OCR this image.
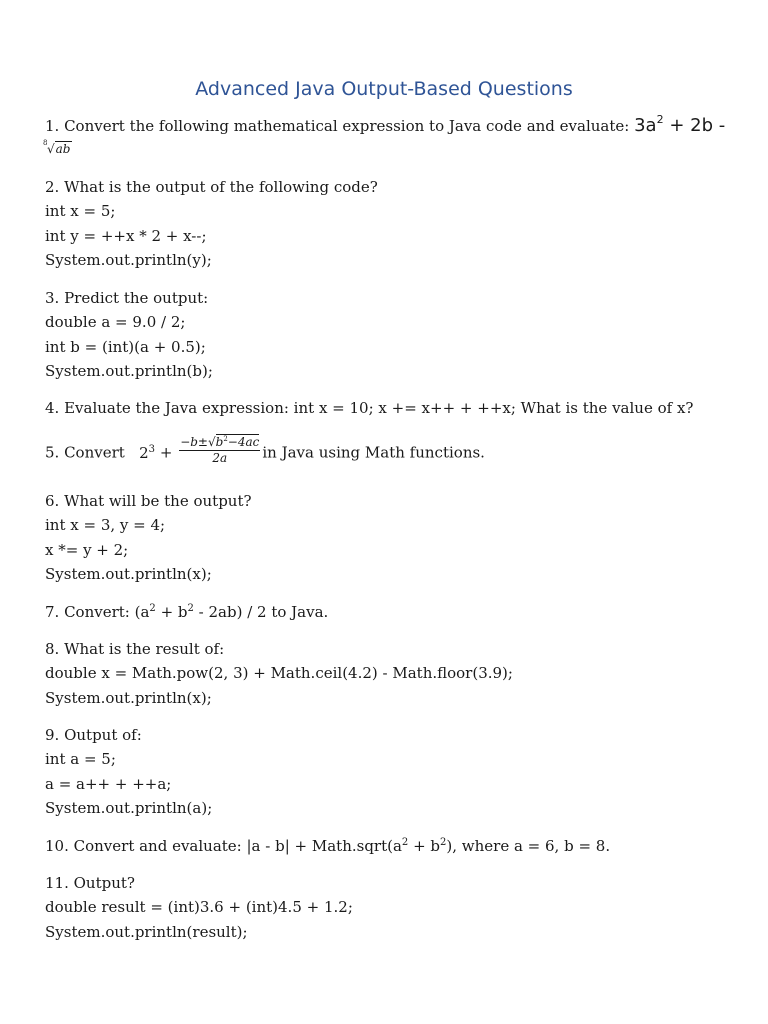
Advanced Java Output-Based Questions
1. Convert the following mathematical expression to Java code and evaluate: $3a^2 + 2b$ -
8 √ab
2. What is the output of the following code?
int x = 5;
int y = ++x * 2 + x--;
System.out.println(y);
3. Predict the output:
double a = 9.0 / 2;
int b = (int)(a + 0.5);
System.out.println(b);
4. Evaluate the Java expression: int x = 10; x += x++ + ++x; What is the value of x?
5. Convert $2^3 + \frac{-b\pm√b^2-4ac}{2a}$ in Java using Math functions.
6. What will be the output?
int x = 3, y = 4;
x *= y + 2;
System.out.println(x);
7. Convert: $(a^2 + b^2 - 2ab) / 2$ to Java.
8. What is the result of:
double x = Math.pow(2, 3) + Math.ceil(4.2) - Math.floor(3.9);
System.out.println(x);
9. Output of:
int a = 5;
a = a++ + ++a;
System.out.println(a);
10. Convert and evaluate: $|a - b| + Math.sqrt(a^2 + b^2)$, where a = 6, b = 8.
11. Output?
double result = (int)3.6 + (int)4.5 + 1.2;
System.out.println(result);
